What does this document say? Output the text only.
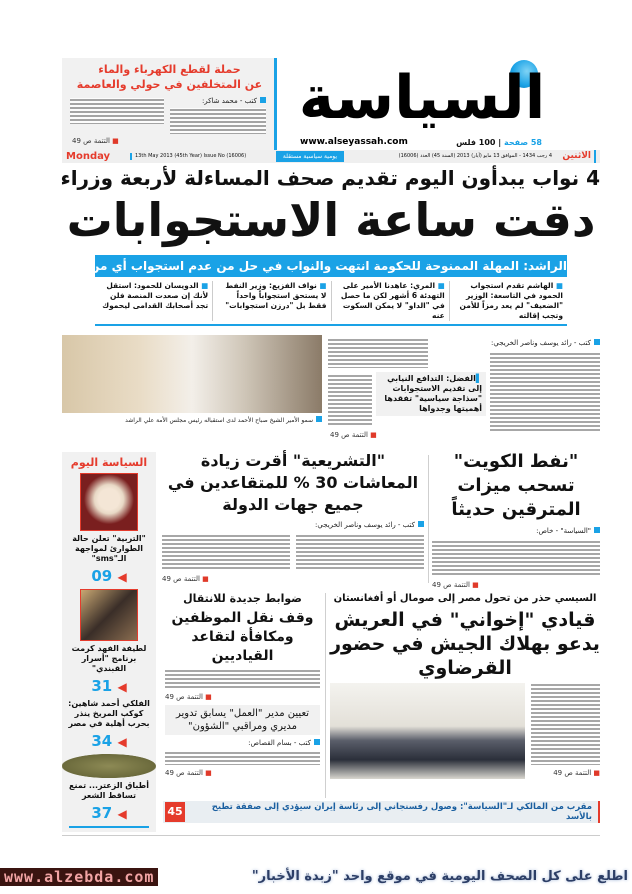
حملة لقطع الكهرباء والماء
عن المتخلفين في حولي والعاصمة
كتب - محمد شاكر:
■ التتمة ص 49
السياسة
www.alseyassah.com	58 صفحة | 100 فلس
Monday	13th May 2013 (45th Year) Issue No (16006)	يومية سياسية مستقلة	4 رجب 1434 - الموافق 13 مايو (أيار) 2013 (السنة 45) العدد (16006) الاثنين
4 نواب يبدأون اليوم تقديم صحف المساءلة لأربعة وزراء
دقت ساعة الاستجوابات
الراشد: المهلة الممنوحة للحكومة انتهت والنواب في حل من عدم استجواب أي من الوزراء
■ الهاشم تقدم استجواب الحمود في التاسعة: الوزير "الضعيف" لم يعد رمزاً للأمن وتجب إقالته
■ المري: عاهدنا الأمير على التهدئة 6 أشهر لكن ما حصل في "الداو" لا يمكن السكوت عنه
■ نواف الفزيع: وزير النفط لا يستحق استجواباً واحداً فقط بل "درزن استجوابات"
■ الدويسان للحمود: استقل لأنك إن صعدت المنصة فلن تجد أصحابك القدامى ليحموك
كتب - رائد يوسف وناصر الخريجي:
▌الفضل: التدافع النيابي إلى تقديم الاستجوابات "سذاجة سياسية" تفقدها أهميتها وجدواها
■ التتمة ص 49
سمو الأمير الشيخ صباح الأحمد لدى استقباله رئيس مجلس الأمة علي الراشد
"نفط الكويت" تسحب ميزات المترقين حديثاً
"السياسة" - خاص:
■ التتمة ص 49
"التشريعية" أقرت زيادة المعاشات 30 % للمتقاعدين في جميع جهات الدولة
كتب - رائد يوسف وناصر الخريجي:
■ التتمة ص 49
السياسة اليوم
"التربية" تعلن حالة الطوارئ لمواجهة الـ"sms"
09 ◀
لطيفة الفهد كرمت برنامج "أسرار القبندي"
31 ◀
الفلكي أحمد شاهين: كوكب المريخ ينذر بحرب أهلية في مصر
34 ◀
أطباق الزعتر... تمنع تساقط الشعر
37 ◀
السيسي حذر من تحول مصر إلى صومال أو أفغانستان
قيادي "إخواني" في العريش يدعو بهلاك الجيش في حضور القرضاوي
■ التتمة ص 49
ضوابط جديدة للانتقال
وقف نقل الموظفين ومكافأة لتقاعد القياديين
■ التتمة ص 49
تعيين مدير "العمل" يسابق تدوير مديري ومراقبي "الشؤون"
كتب - بسام القصاص:
■ التتمة ص 49
45	مقرب من المالكي لـ"السياسة": وصول رفسنجاني إلى رئاسة إيران سيؤدي إلى صفقة تطيح بالأسد
www.alzebda.com	اطلع على كل الصحف اليومية في موقع واحد "زبدة الأخبار"
